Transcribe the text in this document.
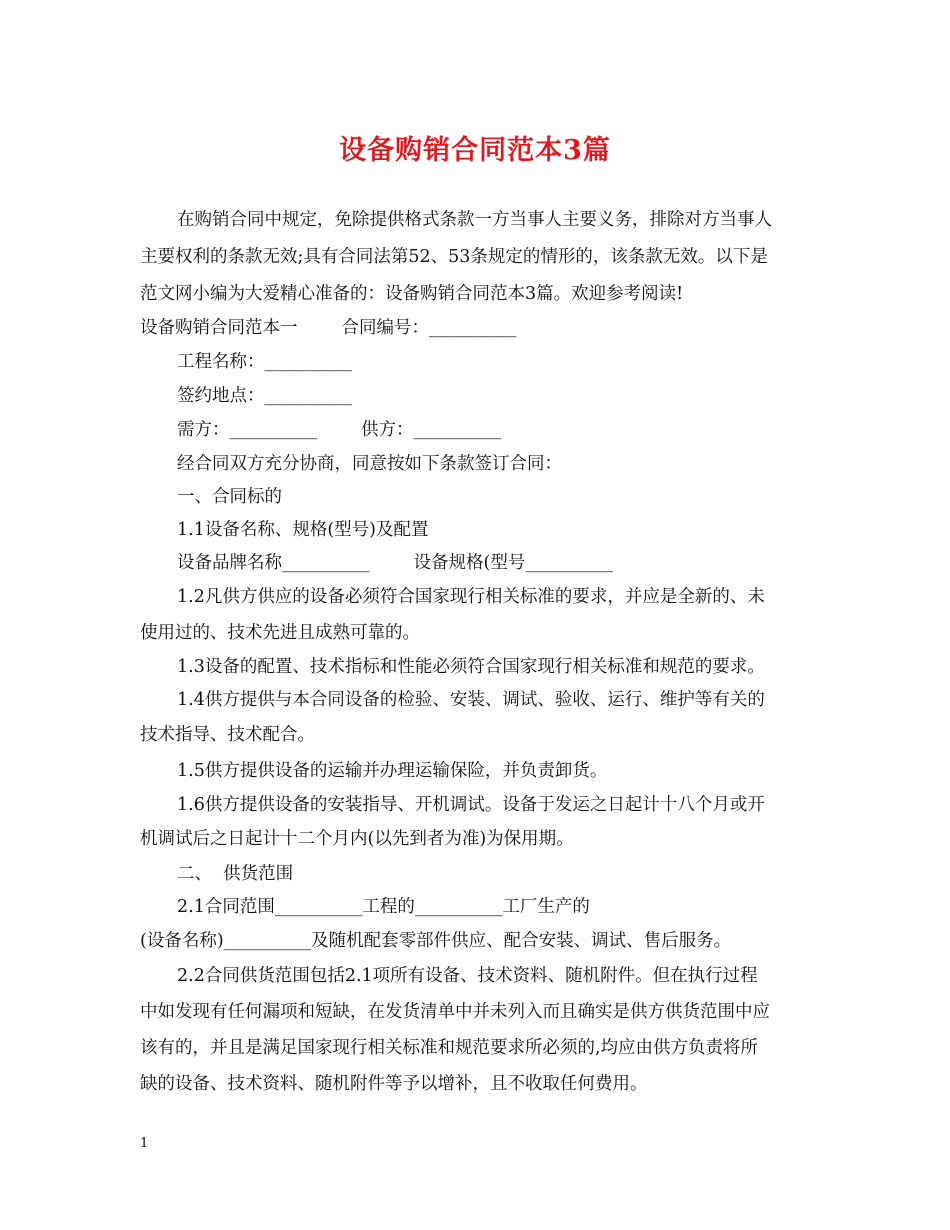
设备购销合同范本3篇
在购销合同中规定，免除提供格式条款一方当事人主要义务，排除对方当事人
主要权利的条款无效;具有合同法第52、53条规定的情形的，该条款无效。以下是
范文网小编为大爱精心准备的：设备购销合同范本3篇。欢迎参考阅读!
设备购销合同范本一	合同编号：__________
工程名称：__________
签约地点：__________
需方：__________	供方：__________
经合同双方充分协商，同意按如下条款签订合同：
一、合同标的
1.1设备名称、规格(型号)及配置
设备品牌名称__________	设备规格(型号__________
1.2凡供方供应的设备必须符合国家现行相关标准的要求，并应是全新的、未
使用过的、技术先进且成熟可靠的。
1.3设备的配置、技术指标和性能必须符合国家现行相关标准和规范的要求。
1.4供方提供与本合同设备的检验、安装、调试、验收、运行、维护等有关的
技术指导、技术配合。
1.5供方提供设备的运输并办理运输保险，并负责卸货。
1.6供方提供设备的安装指导、开机调试。设备于发运之日起计十八个月或开
机调试后之日起计十二个月内(以先到者为准)为保用期。
二、  供货范围
2.1合同范围__________工程的__________工厂生产的
(设备名称)__________及随机配套零部件供应、配合安装、调试、售后服务。
2.2合同供货范围包括2.1项所有设备、技术资料、随机附件。但在执行过程
中如发现有任何漏项和短缺，在发货清单中并未列入而且确实是供方供货范围中应
该有的，并且是满足国家现行相关标准和规范要求所必须的,均应由供方负责将所
缺的设备、技术资料、随机附件等予以增补，且不收取任何费用。
1
